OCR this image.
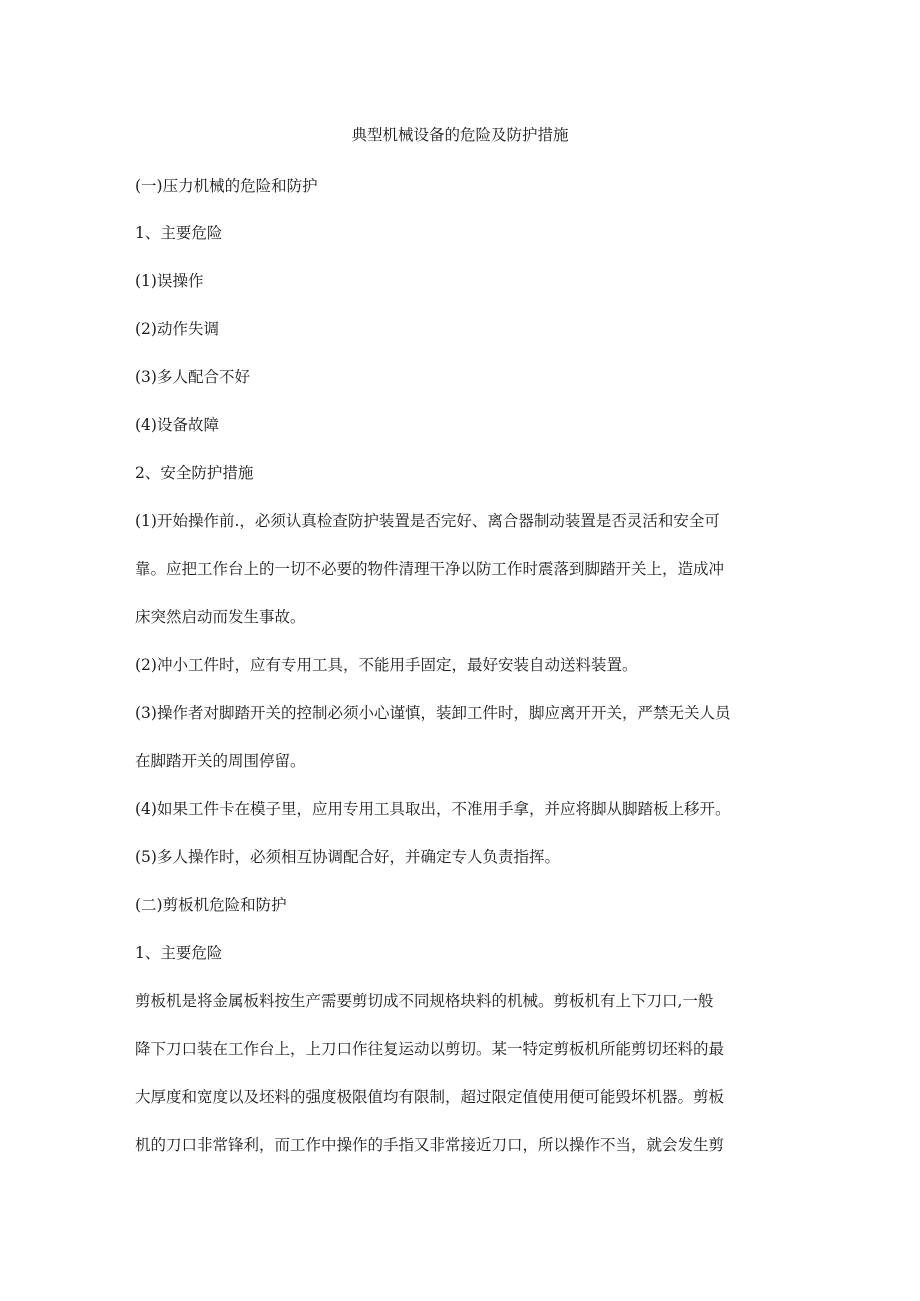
典型机械设备的危险及防护措施
(一)压力机械的危险和防护
1、主要危险
(1)误操作
(2)动作失调
(3)多人配合不好
(4)设备故障
2、安全防护措施
(1)开始操作前.，必须认真检查防护装置是否完好、离合器制动装置是否灵活和安全可
靠。应把工作台上的一切不必要的物件清理干净以防工作时震落到脚踏开关上，造成冲
床突然启动而发生事故。
(2)冲小工件时，应有专用工具，不能用手固定，最好安装自动送料装置。
(3)操作者对脚踏开关的控制必须小心谨慎，装卸工件时，脚应离开开关，严禁无关人员
在脚踏开关的周围停留。
(4)如果工件卡在模子里，应用专用工具取出，不准用手拿，并应将脚从脚踏板上移开。
(5)多人操作时，必须相互协调配合好，并确定专人负责指挥。
(二)剪板机危险和防护
1、主要危险
剪板机是将金属板料按生产需要剪切成不同规格块料的机械。剪板机有上下刀口,一般
降下刀口装在工作台上，上刀口作往复运动以剪切。某一特定剪板机所能剪切坯料的最
大厚度和宽度以及坯料的强度极限值均有限制，超过限定值使用便可能毁坏机器。剪板
机的刀口非常锋利，而工作中操作的手指又非常接近刀口，所以操作不当，就会发生剪
